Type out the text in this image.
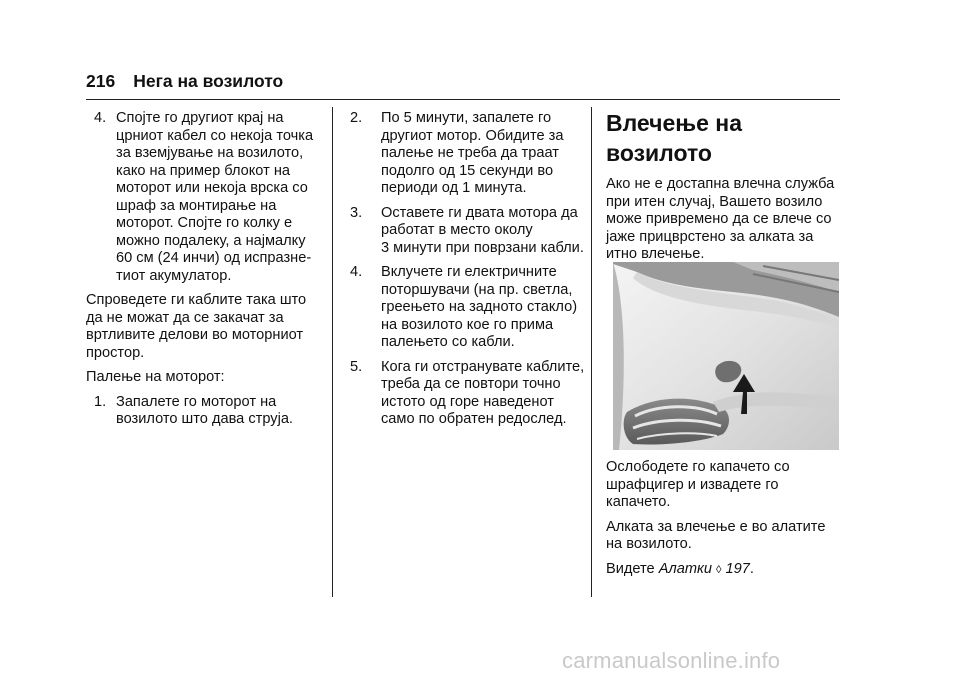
216 Нега на возилото
4. Спојте го другиот крај на
црниот кабел со некоја точка
за вземјување на возилото,
како на пример блокот на
моторот или некоја врска со
шраф за монтирање на
моторот. Спојте го колку е
можно подалеку, а најмалку
60 см (24 инчи) од испразне-
тиот акумулатор.
Спроведете ги каблите така што
да не можат да се закачат за
вртливите делови во моторниот
простор.
Палење на моторот:
1. Запалете го моторот на
возилото што дава струја.
2. По 5 минути, запалете го
другиот мотор. Обидите за
палење не треба да траат
подолго од 15 секунди во
периоди од 1 минута.
3. Оставете ги двата мотора да
работат в место околу
3 минути при поврзани кабли.
4. Вклучете ги електричните
поторшувачи (на пр. светла,
греењето на задното стакло)
на возилото кое го прима
палењето со кабли.
5. Кога ги отстранувате каблите,
треба да се повтори точно
истото од горе наведенот
само по обратен редослед.
Влечење на
возилото
Ако не е достапна влечна служба
при итен случај, Вашето возило
може привремено да се влече со
јаже прицврстено за алката за
итно влечење.
Ослободете го капачето со
шрафцигер и извадете го
капачето.
Алката за влечење е во алатите
на возилото.
Видете Алатки ◊ 197.
carmanualsonline.info
